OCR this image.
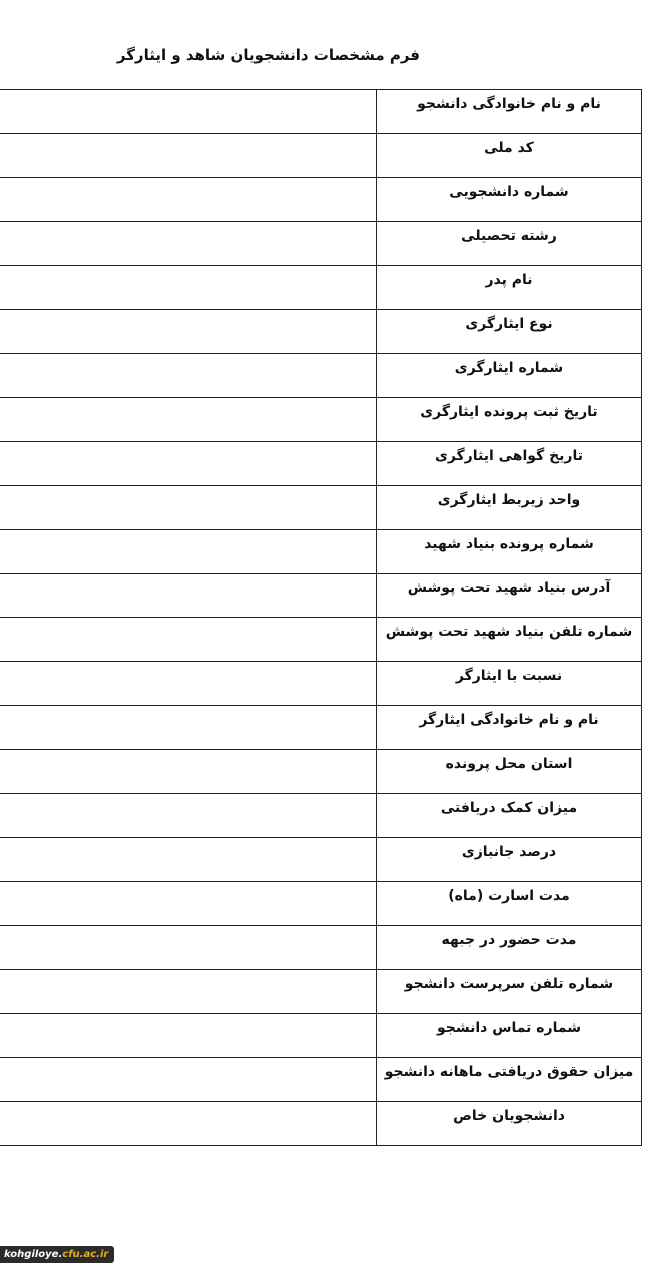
فرم مشخصات دانشجویان شاهد و ایثارگر
	نام و نام خانوادگی دانشجو
	کد ملی
	شماره دانشجویی
	رشته تحصیلی
	نام پدر
	نوع ایثارگری
	شماره ایثارگری
	تاریخ ثبت پرونده ایثارگری
	تاریخ گواهی ایثارگری
	واحد زیربط ایثارگری
	شماره پرونده بنیاد شهید
	آدرس بنیاد شهید تحت پوشش
	شماره تلفن بنیاد شهید تحت پوشش
	نسبت با ایثارگر
	نام و نام خانوادگی ایثارگر
	استان محل پرونده
	میزان کمک دریافتی
	درصد جانبازی
	مدت اسارت (ماه)
	مدت حضور در جبهه
	شماره تلفن سرپرست دانشجو
	شماره تماس دانشجو
	میزان حقوق دریافتی ماهانه دانشجو
	دانشجویان خاص
kohgiloye.cfu.ac.ir
